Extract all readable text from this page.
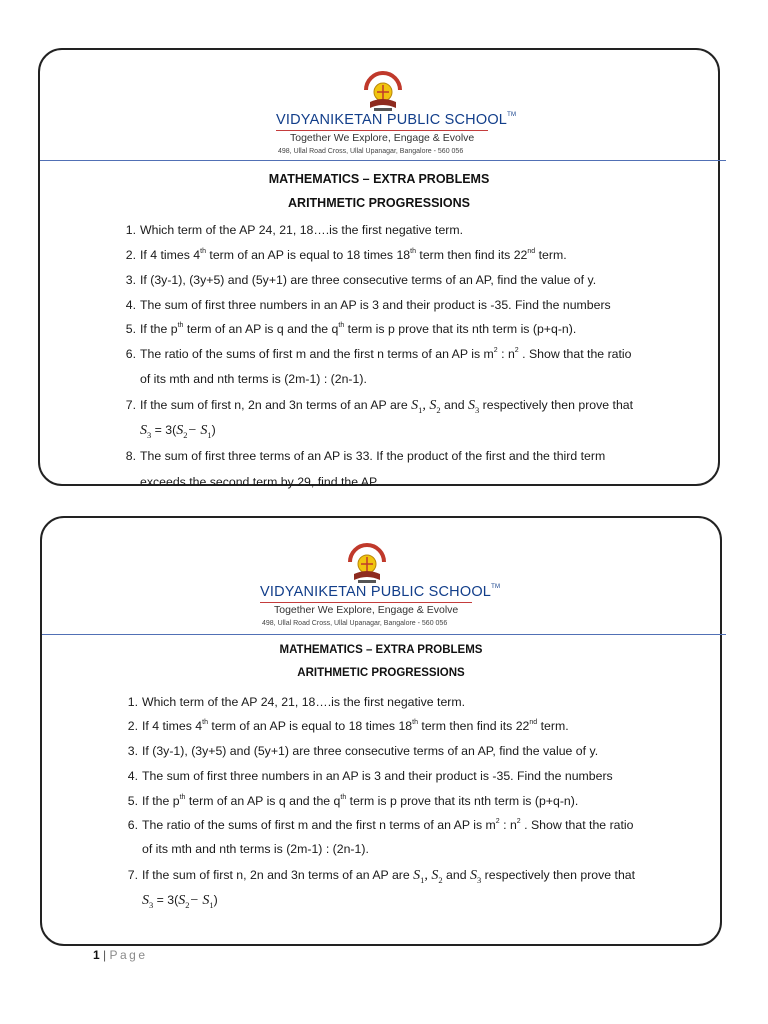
VIDYANIKETAN PUBLIC SCHOOL™
Together We Explore, Engage & Evolve
498, Ullal Road Cross, Ullal Upanagar, Bangalore - 560 056
MATHEMATICS – EXTRA PROBLEMS
ARITHMETIC PROGRESSIONS
1. Which term of the AP 24, 21, 18….is the first negative term.
2. If 4 times 4th term of an AP is equal to 18 times 18th term then find its 22nd term.
3. If (3y-1), (3y+5) and (5y+1) are three consecutive terms of an AP, find the value of y.
4. The sum of first three numbers in an AP is 3 and their product is -35. Find the numbers
5. If the $p^{th}$ term of an AP is q and the $q^{th}$ term is p prove that its nth term is (p+q-n).
6. The ratio of the sums of first m and the first n terms of an AP is $m^2$ : $n^2$ . Show that the ratio
of its mth and nth terms is (2m-1) : (2n-1).
7. If the sum of first n, 2n and 3n terms of an AP are $S_1$, $S_2$ and $S_3$ respectively then prove that
$S_3 = 3(S_2- S_1)$
8. The sum of first three terms of an AP is 33. If the product of the first and the third term
exceeds the second term by 29, find the AP.
VIDYANIKETAN PUBLIC SCHOOL™
Together We Explore, Engage & Evolve
498, Ullal Road Cross, Ullal Upanagar, Bangalore - 560 056
MATHEMATICS – EXTRA PROBLEMS
ARITHMETIC PROGRESSIONS
1. Which term of the AP 24, 21, 18….is the first negative term.
2. If 4 times 4th term of an AP is equal to 18 times 18th term then find its 22nd term.
3. If (3y-1), (3y+5) and (5y+1) are three consecutive terms of an AP, find the value of y.
4. The sum of first three numbers in an AP is 3 and their product is -35. Find the numbers
5. If the $p^{th}$ term of an AP is q and the $q^{th}$ term is p prove that its nth term is (p+q-n).
6. The ratio of the sums of first m and the first n terms of an AP is $m^2$ : $n^2$ . Show that the ratio
of its mth and nth terms is (2m-1) : (2n-1).
7. If the sum of first n, 2n and 3n terms of an AP are $S_1$, $S_2$ and $S_3$ respectively then prove that
$S_3 = 3(S_2- S_1)$
1 | Page
